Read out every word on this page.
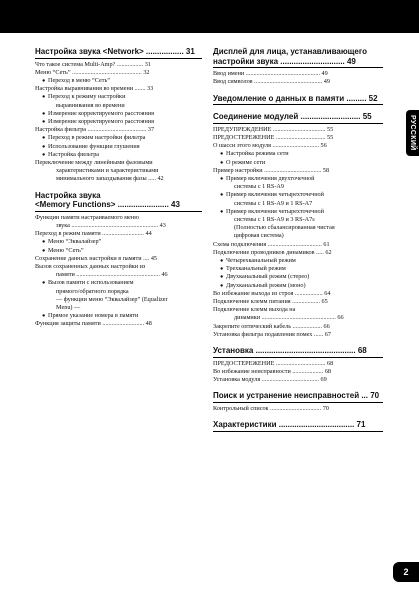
РУССКИЙ
Настройка звука <Network> ................. 31
Что такое система Multi-Amp? ................. 31
Меню “Сеть” ............................................. 32
● Переход в меню “Сеть”
Настройка выравнивания во времени ....... 33
● Переход к режиму настройки
выравнивания во времени
● Измерение корректируемого расстояния
● Измерение корректируемого расстояния
Настройка фильтра ...................................... 37
● Переход в режим настройки фильтра
● Использование функции глушения
● Настройка фильтра
Переключение между линейными фазовыми
характеристиками и характеристиками
минимального запаздывания фазы ..... 42
Настройка звука
<Memory Functions> ....................... 43
Функции памяти настраиваемого меню
звука ........................................................ 43
Переход в режим памяти ........................... 44
● Меню “Эквалайзер”
● Меню “Сеть”
Сохранение данных настройки в памяти .... 45
Вызов сохраненных данных настройки из
памяти ...................................................... 46
● Вызов памяти с использованием
прямого/обратного порядка
— функции меню “Эквалайзер” (Equalizer
Menu) —
● Прямое указание номера в памяти
Функция защиты памяти ........................... 48
Дисплей для лица, устанавливающего
настройки звука ............................. 49
Ввод имени ................................................ 49
Ввод символов ............................................ 49
Уведомление о данных в памяти ......... 52
Соединение модулей ........................... 55
ПРЕДУПРЕЖДЕНИЕ .................................. 55
ПРЕДОСТЕРЕЖЕНИЕ ................................ 55
О шасси этого модуля .............................. 56
● Настройка режима сети
● О режиме сети
Пример настройки ..................................... 58
● Пример включения двухточечной
системы с 1 RS-A9
● Пример включения четырехточечной
системы с 1 RS-A9 и 1 RS-A7
● Пример включения четырехточечной
системы с 1 RS-A9 и 3 RS-A7s
(Полностью сбалансированная чистая
цифровая система)
Схема подключения ................................... 61
Подключение проводников динамиков ..... 62
● Четырехканальный режим
● Трехканальный режим
● Двухканальный режим (стерео)
● Двухканальный режим (моно)
Во избежание выхода из строя .................. 64
Подключение клемм питания .................. 65
Подключение клемм выхода на
динамики ................................................ 66
Закрепите оптический кабель ................... 66
Установка фильтра подавления помех ...... 67
Установка ............................................. 68
ПРЕДОСТЕРЕЖЕНИЕ ................................ 68
Во избежание неисправности .................... 68
Установка модуля ..................................... 69
Поиск и устранение неисправностей ... 70
Контрольный список ................................. 70
Характеристики .................................. 71
2
